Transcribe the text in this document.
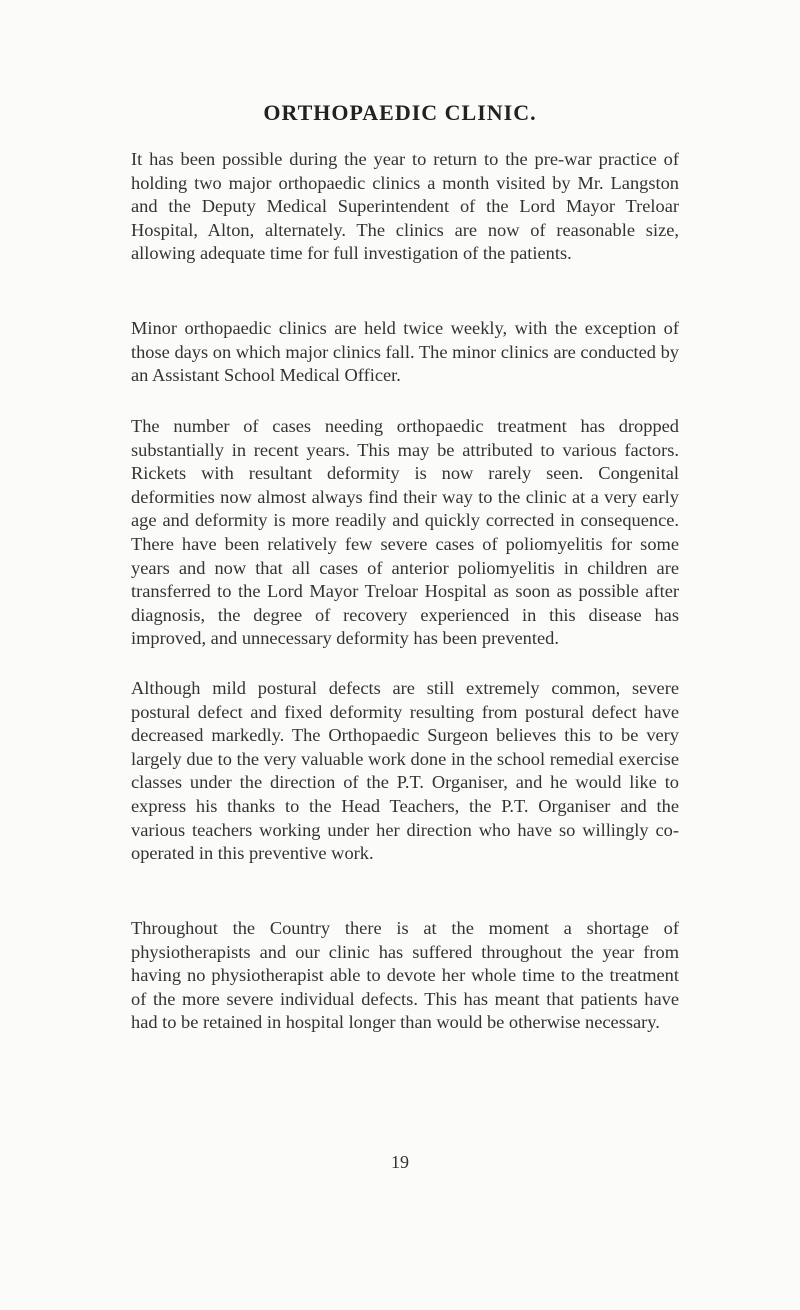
ORTHOPAEDIC CLINIC.

It has been possible during the year to return to the pre-war practice of holding two major orthopaedic clinics a month visited by Mr. Langston and the Deputy Medical Superintendent of the Lord Mayor Treloar Hospital, Alton, alternately. The clinics are now of reasonable size, allowing adequate time for full investigation of the patients.

Minor orthopaedic clinics are held twice weekly, with the exception of those days on which major clinics fall. The minor clinics are conducted by an Assistant School Medical Officer.

The number of cases needing orthopaedic treatment has dropped substantially in recent years. This may be attributed to various factors. Rickets with resultant deformity is now rarely seen. Congenital deformities now almost always find their way to the clinic at a very early age and deformity is more readily and quickly corrected in consequence. There have been relatively few severe cases of poliomyelitis for some years and now that all cases of anterior poliomyelitis in children are transferred to the Lord Mayor Treloar Hospital as soon as possible after diagnosis, the degree of recovery experienced in this disease has improved, and unnecessary deformity has been prevented.

Although mild postural defects are still extremely common, severe postural defect and fixed deformity resulting from postural defect have decreased markedly. The Orthopaedic Surgeon believes this to be very largely due to the very valuable work done in the school remedial exercise classes under the direction of the P.T. Organiser, and he would like to express his thanks to the Head Teachers, the P.T. Organiser and the various teachers working under her direction who have so willingly co-operated in this preventive work.

Throughout the Country there is at the moment a shortage of physiotherapists and our clinic has suffered throughout the year from having no physiotherapist able to devote her whole time to the treatment of the more severe individual defects. This has meant that patients have had to be retained in hospital longer than would be otherwise necessary.

19
